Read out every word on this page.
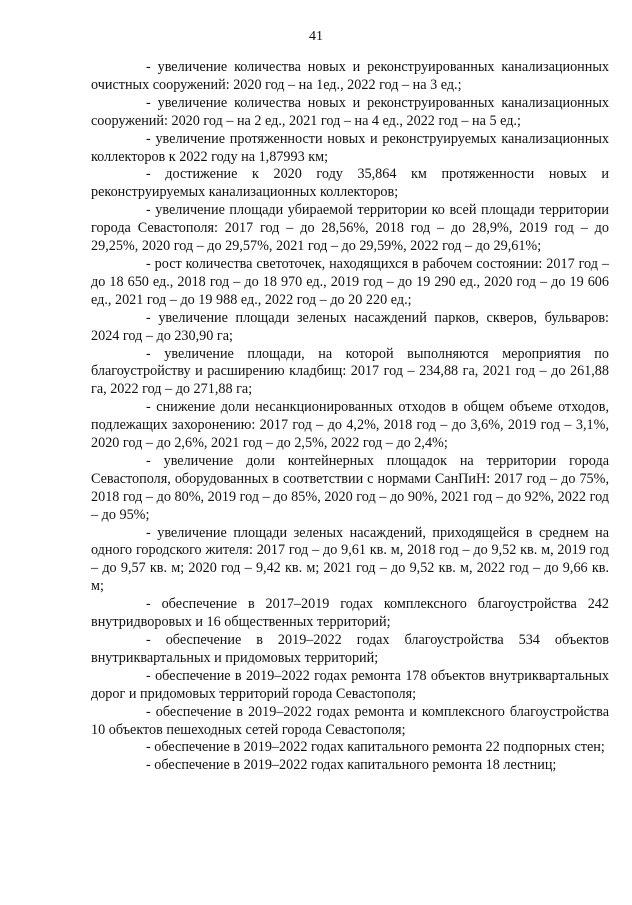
41

- увеличение количества новых и реконструированных канализационных очистных сооружений: 2020 год – на 1ед., 2022 год – на 3 ед.;

- увеличение количества новых и реконструированных канализационных сооружений: 2020 год – на 2 ед., 2021 год – на 4 ед., 2022 год – на 5 ед.;

- увеличение протяженности новых и реконструируемых канализационных коллекторов к 2022 году на 1,87993 км;

- достижение к 2020 году 35,864 км протяженности новых и реконструируемых канализационных коллекторов;

- увеличение площади убираемой территории ко всей площади территории города Севастополя: 2017 год – до 28,56%, 2018 год – до 28,9%, 2019 год – до 29,25%, 2020 год – до 29,57%, 2021 год – до 29,59%, 2022 год – до 29,61%;

- рост количества светоточек, находящихся в рабочем состоянии: 2017 год – до 18 650 ед., 2018 год – до 18 970 ед., 2019 год – до 19 290 ед., 2020 год – до 19 606 ед., 2021 год – до 19 988 ед., 2022 год – до 20 220 ед.;

- увеличение площади зеленых насаждений парков, скверов, бульваров: 2024 год – до 230,90 га;

- увеличение площади, на которой выполняются мероприятия по благоустройству и расширению кладбищ: 2017 год – 234,88 га, 2021 год – до 261,88 га, 2022 год – до 271,88 га;

- снижение доли несанкционированных отходов в общем объеме отходов, подлежащих захоронению: 2017 год – до 4,2%, 2018 год – до 3,6%, 2019 год – 3,1%, 2020 год – до 2,6%, 2021 год – до 2,5%, 2022 год – до 2,4%;

- увеличение доли контейнерных площадок на территории города Севастополя, оборудованных в соответствии с нормами СанПиН: 2017 год – до 75%, 2018 год – до 80%, 2019 год – до 85%, 2020 год – до 90%, 2021 год – до 92%, 2022 год – до 95%;

- увеличение площади зеленых насаждений, приходящейся в среднем на одного городского жителя: 2017 год – до 9,61 кв. м, 2018 год – до 9,52 кв. м, 2019 год – до 9,57 кв. м; 2020 год – 9,42 кв. м; 2021 год – до 9,52 кв. м, 2022 год – до 9,66 кв. м;

- обеспечение в 2017–2019 годах комплексного благоустройства 242 внутридворовых и 16 общественных территорий;

- обеспечение в 2019–2022 годах благоустройства 534 объектов внутриквартальных и придомовых территорий;

- обеспечение в 2019–2022 годах ремонта 178 объектов внутриквартальных дорог и придомовых территорий города Севастополя;

- обеспечение в 2019–2022 годах ремонта и комплексного благоустройства 10 объектов пешеходных сетей города Севастополя;

- обеспечение в 2019–2022 годах капитального ремонта 22 подпорных стен;

- обеспечение в 2019–2022 годах капитального ремонта 18 лестниц;
